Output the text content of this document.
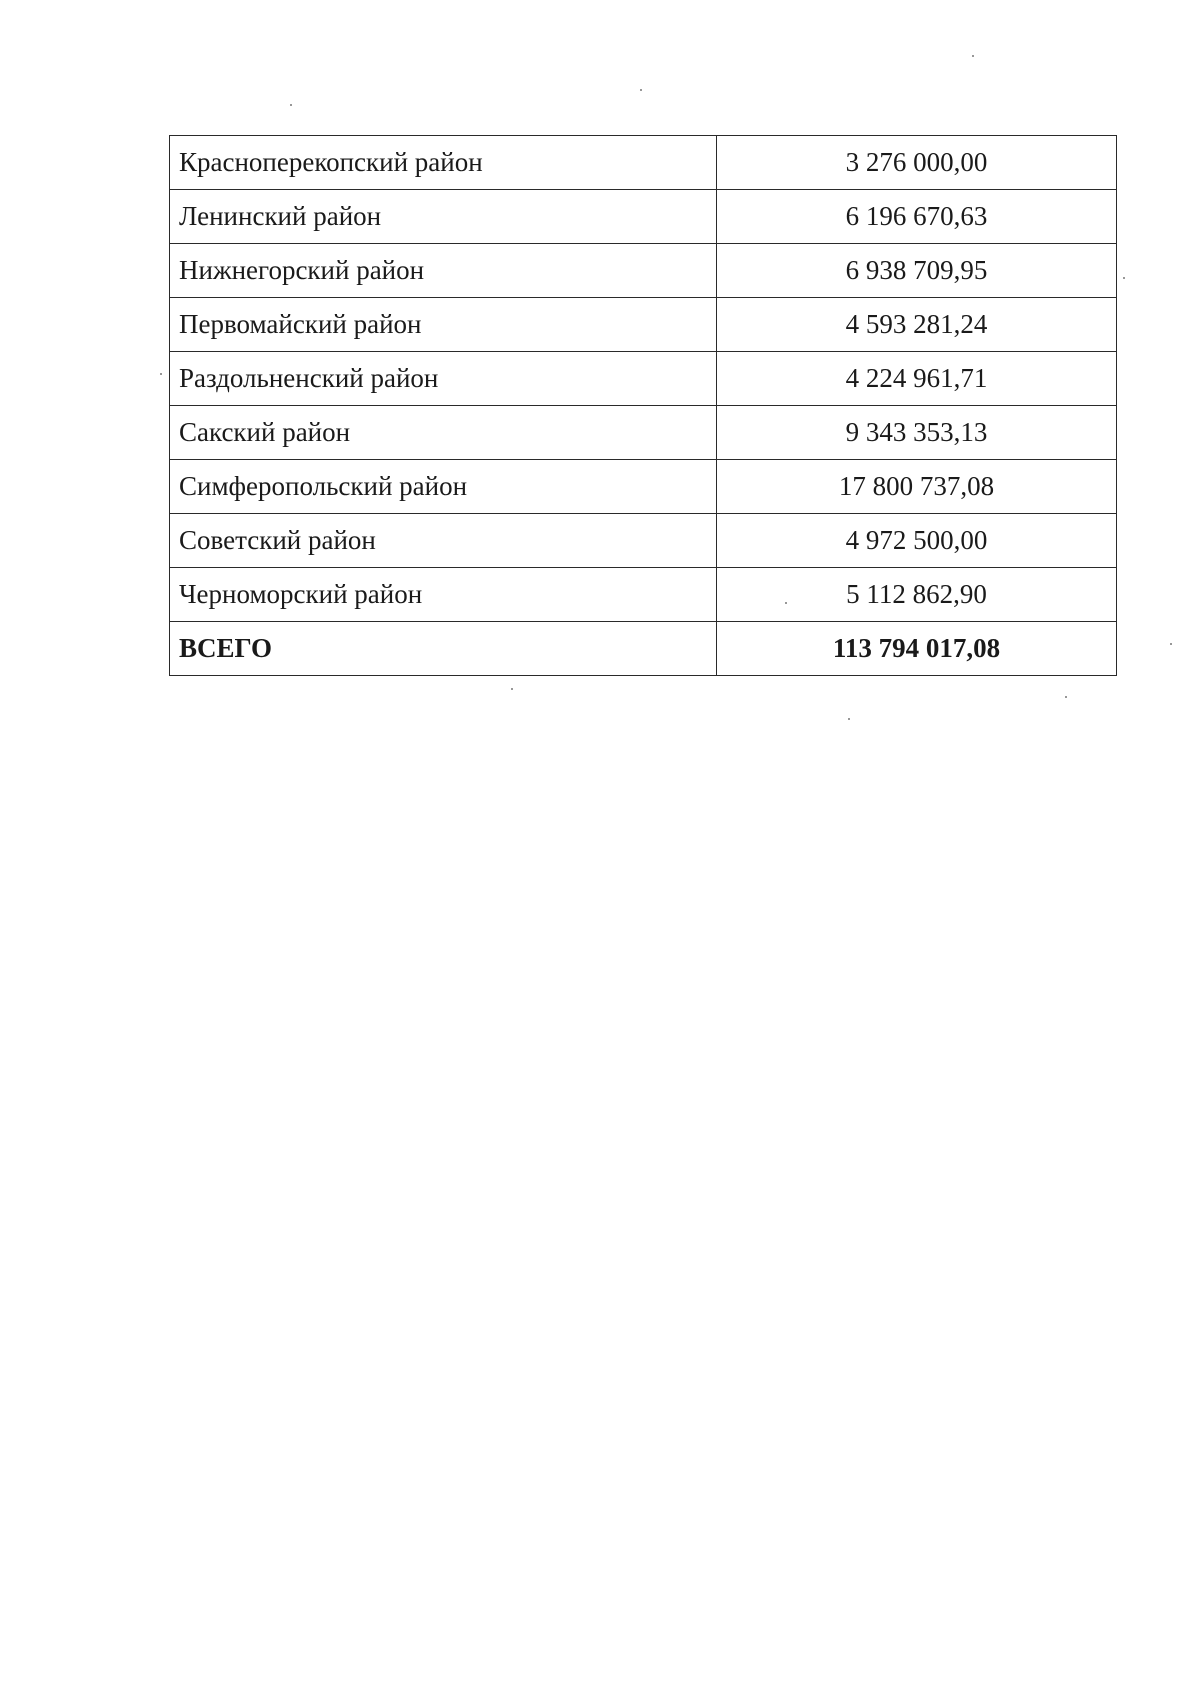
Красноперекопский район	3 276 000,00
Ленинский район	6 196 670,63
Нижнегорский район	6 938 709,95
Первомайский район	4 593 281,24
Раздольненский район	4 224 961,71
Сакский район	9 343 353,13
Симферопольский район	17 800 737,08
Советский район	4 972 500,00
Черноморский район	5 112 862,90
ВСЕГО	113 794 017,08
